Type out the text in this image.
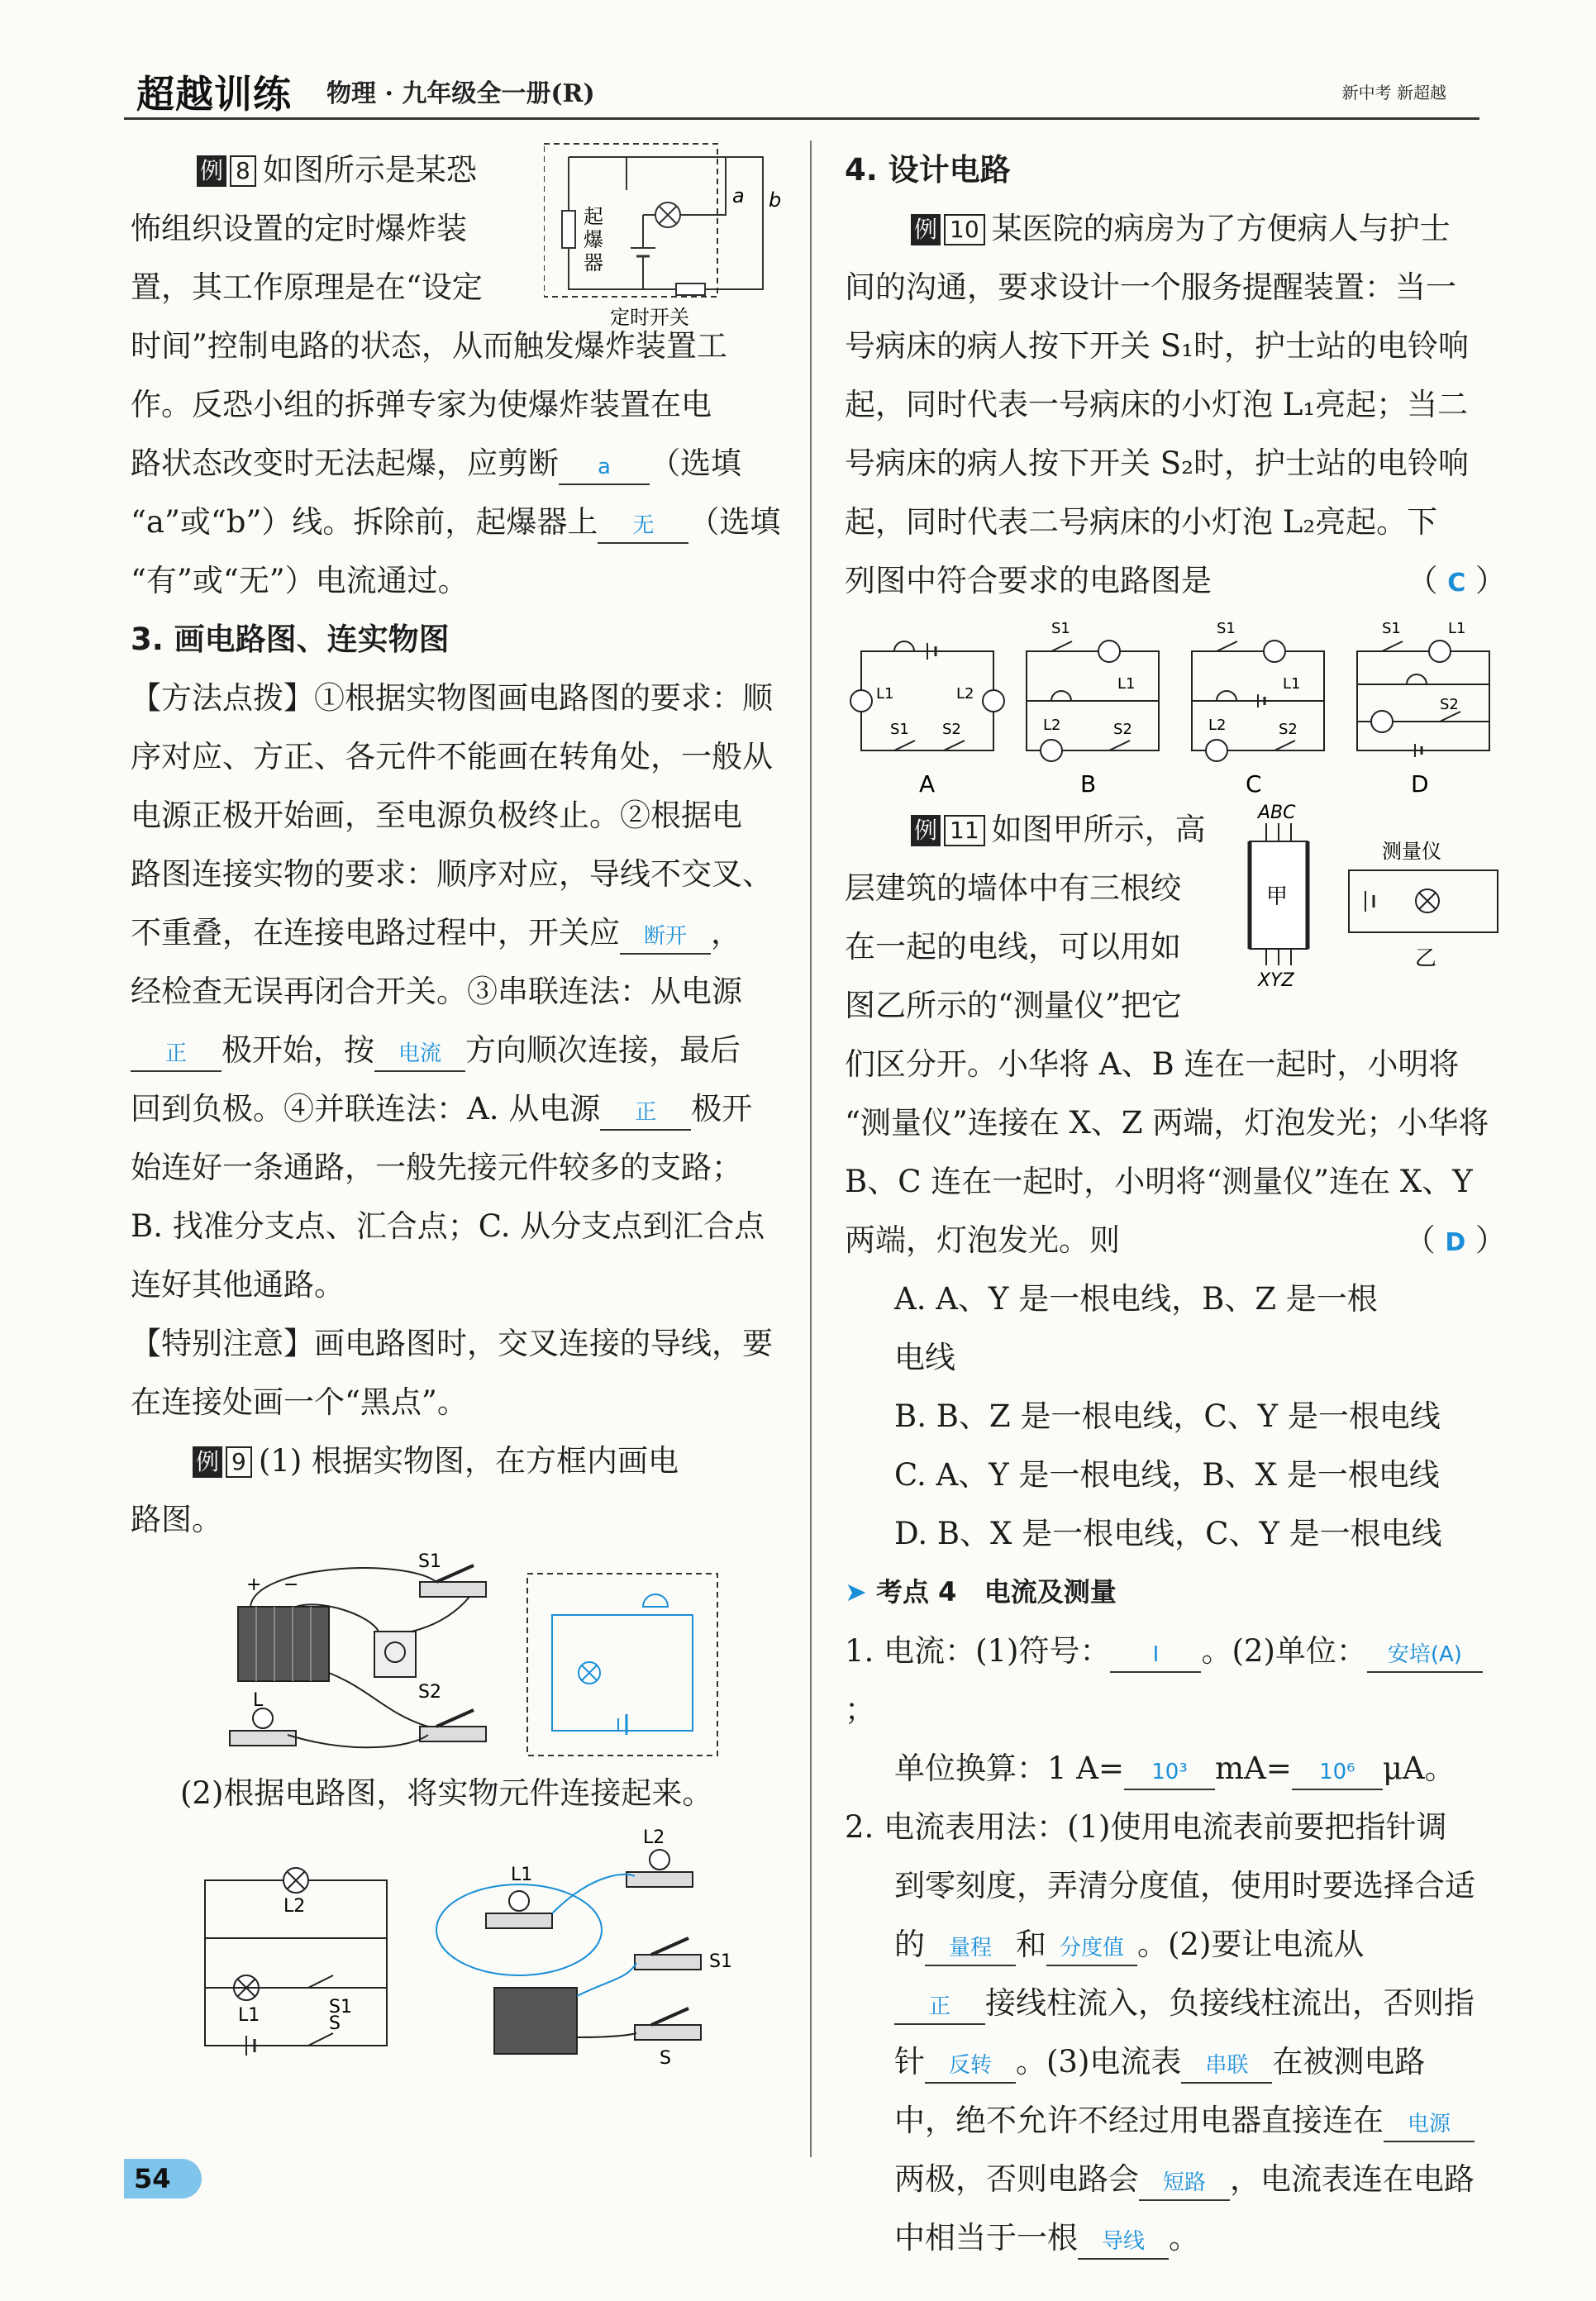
超越训练 物理 · 九年级全一册(R)	新中考 新超越

例 8 如图所示是某恐

怖组织设置的定时爆炸装

置，其工作原理是在“设定

时间”控制电路的状态，从而触发爆炸装置工

作。反恐小组的拆弹专家为使爆炸装置在电

路状态改变时无法起爆，应剪断 a （选填

“a”或“b”）线。拆除前，起爆器上 无 （选填

“有”或“无”）电流通过。

a b
起
爆
器
定时开关

3. 画电路图、连实物图

【方法点拨】①根据实物图画电路图的要求：顺

序对应、方正、各元件不能画在转角处，一般从

电源正极开始画，至电源负极终止。②根据电

路图连接实物的要求：顺序对应，导线不交叉、

不重叠，在连接电路过程中，开关应 断开 ，

经检查无误再闭合开关。③串联连法：从电源

正 极开始，按 电流 方向顺次连接，最后

回到负极。④并联连法：A. 从电源 正 极开

始连好一条通路，一般先接元件较多的支路；

B. 找准分支点、汇合点；C. 从分支点到汇合点

连好其他通路。

【特别注意】画电路图时，交叉连接的导线，要

在连接处画一个“黑点”。

例 9 (1) 根据实物图，在方框内画电

路图。

+ −
L
S1
S2

(2)根据电路图，将实物元件连接起来。

L2
L1	S1
S
L1
L2
S1
S

4. 设计电路

例 10 某医院的病房为了方便病人与护士

间的沟通，要求设计一个服务提醒装置：当一

号病床的病人按下开关 S₁时，护士站的电铃响

起，同时代表一号病床的小灯泡 L₁亮起；当二

号病床的病人按下开关 S₂时，护士站的电铃响

起，同时代表二号病床的小灯泡 L₂亮起。下

列图中符合要求的电路图是	（ C ）

L1	L2
S1 S2
A
S1
L1
L2	S2
B
S1
L1
L2	S2
C
S1	L1
S2
D

例 11 如图甲所示，高

层建筑的墙体中有三根绞

在一起的电线，可以用如

图乙所示的“测量仪”把它

们区分开。小华将 A、B 连在一起时，小明将

“测量仪”连接在 X、Z 两端，灯泡发光；小华将

B、C 连在一起时，小明将“测量仪”连在 X、Y

两端，灯泡发光。则	（ D ）

ABC
甲
XYZ
测量仪
乙

A. A、Y 是一根电线，B、Z 是一根电线

B. B、Z 是一根电线，C、Y 是一根电线

C. A、Y 是一根电线，B、X 是一根电线

D. B、X 是一根电线，C、Y 是一根电线

➤ 考点 4   电流及测量

1. 电流：(1)符号： I 。(2)单位： 安培(A)；

单位换算：1 A= 10³ mA= 10⁶ μA。

2. 电流表用法：(1)使用电流表前要把指针调

到零刻度，弄清分度值，使用时要选择合适

的 量程 和 分度值 。(2)要让电流从

正 接线柱流入，负接线柱流出，否则指

针 反转 。(3)电流表 串联 在被测电路

中，绝不允许不经过用电器直接连在 电源

两极，否则电路会 短路 ，电流表连在电路

中相当于一根 导线 。

54
